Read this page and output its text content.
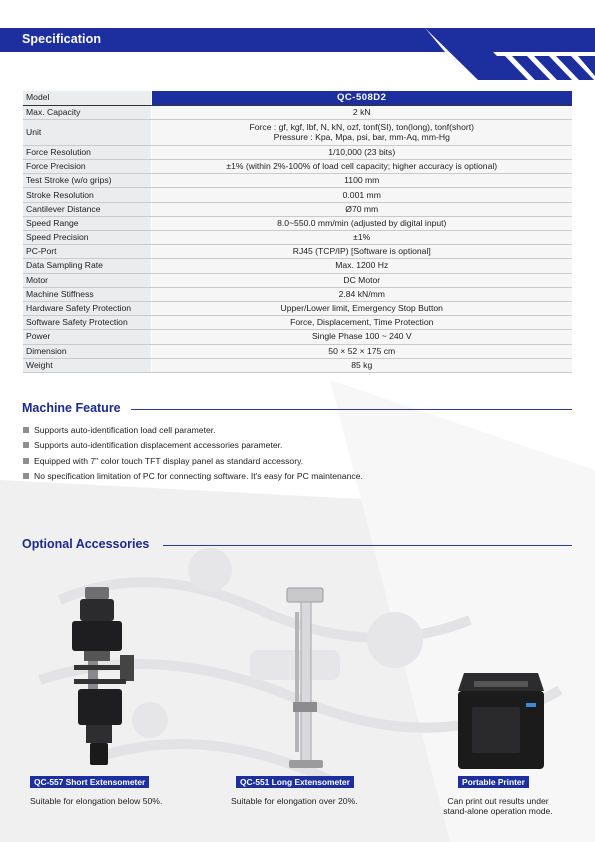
Specification
Model	QC-508D2
Max. Capacity	2 kN
Unit	Force : gf, kgf, lbf, N, kN, ozf, tonf(SI), ton(long), tonf(short)
Pressure : Kpa, Mpa, psi, bar, mm-Aq, mm-Hg

Force Resolution	1/10,000 (23 bits)
Force Precision	±1% (within 2%-100% of load cell capacity; higher accuracy is optional)
Test Stroke (w/o grips)	1100 mm
Stroke Resolution	0.001 mm
Cantilever Distance	Ø70 mm
Speed Range	8.0~550.0 mm/min (adjusted by digital input)
Speed Precision	±1%
PC-Port	RJ45 (TCP/IP) [Software is optional]
Data Sampling Rate	Max. 1200 Hz
Motor	DC Motor
Machine Stiffness	2.84 kN/mm
Hardware Safety Protection	Upper/Lower limit, Emergency Stop Button
Software Safety Protection	Force, Displacement, Time Protection
Power	Single Phase 100 ~ 240 V
Dimension	50 × 52 × 175 cm
Weight	85 kg
Machine Feature
Supports auto-identification load cell parameter.
Supports auto-identification displacement accessories parameter.
Equipped with 7" color touch TFT display panel as standard accessory.
No specification limitation of PC for connecting software. It's easy for PC maintenance.
Optional Accessories
QC-557 Short Extensometer
Suitable for elongation below 50%.
QC-551 Long Extensometer
Suitable for elongation over 20%.
Portable Printer
Can print out results under
stand-alone operation mode.
